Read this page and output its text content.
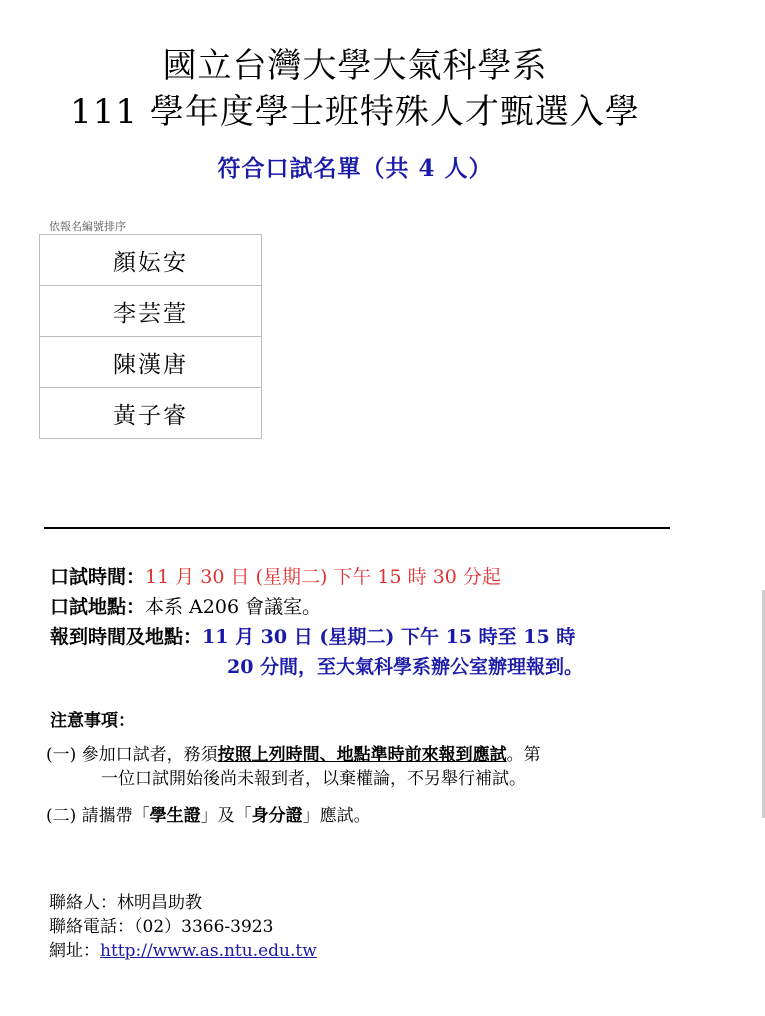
國立台灣大學大氣科學系
111 學年度學士班特殊人才甄選入學
符合口試名單（共 4 人）
依報名編號排序
顏妘安
李芸萱
陳漢唐
黃子睿
口試時間：11 月 30 日 (星期二) 下午 15 時 30 分起
口試地點：本系 A206 會議室。
報到時間及地點：11 月 30 日 (星期二) 下午 15 時至 15 時
20 分間，至大氣科學系辦公室辦理報到。
注意事項：
(一) 參加口試者，務須按照上列時間、地點準時前來報到應試。第
一位口試開始後尚未報到者，以棄權論，不另舉行補試。
(二) 請攜帶「學生證」及「身分證」應試。
聯絡人：林明昌助教
聯絡電話：（02）3366-3923
網址：http://www.as.ntu.edu.tw
